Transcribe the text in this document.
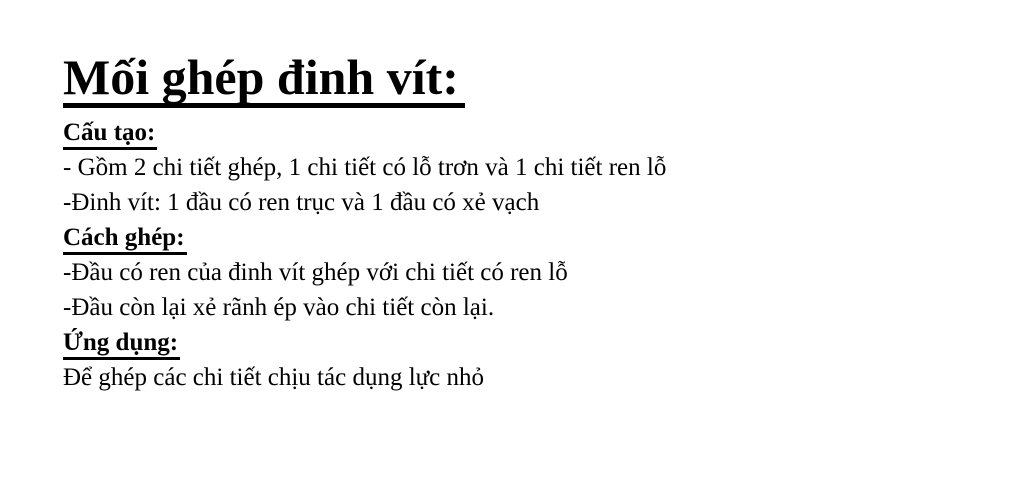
Mối ghép đinh vít:
Cấu tạo:

- Gồm 2 chi tiết ghép, 1 chi tiết có lỗ trơn và 1 chi tiết ren lỗ

-Đinh vít: 1 đầu có ren trục và 1 đầu có xẻ vạch

Cách ghép:

-Đầu có ren của đinh vít ghép với chi tiết có ren lỗ

-Đầu còn lại xẻ rãnh ép vào chi tiết còn lại.

Ứng dụng:

Để ghép các chi tiết chịu tác dụng lực nhỏ
